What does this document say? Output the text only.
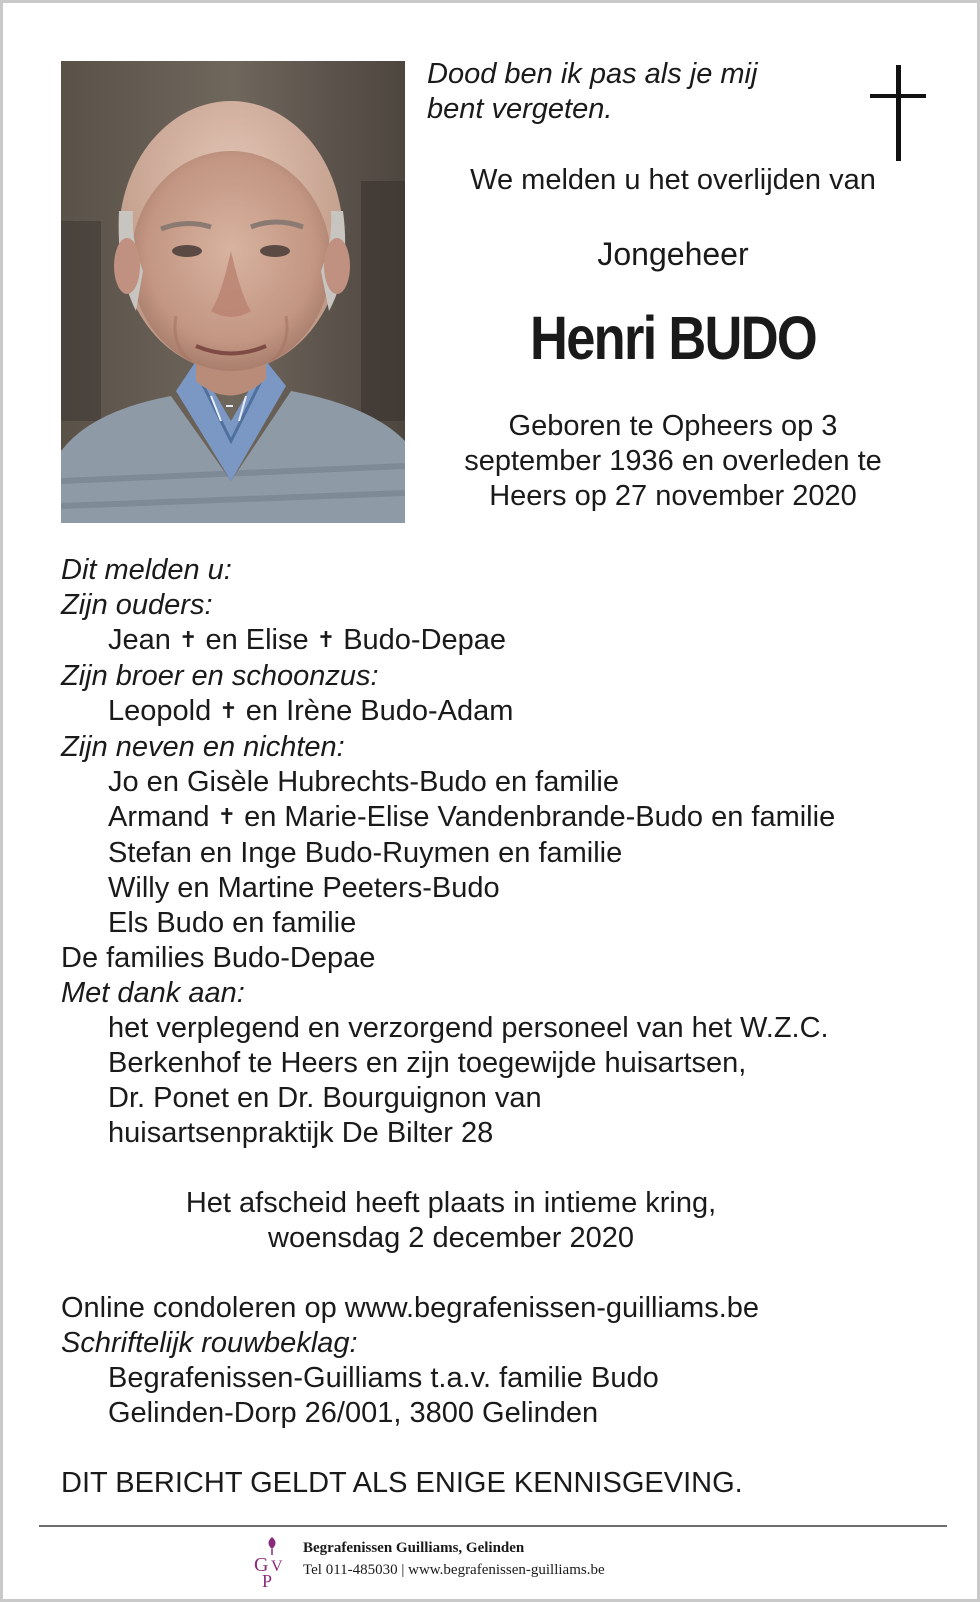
Dood ben ik pas als je mij
bent vergeten.
We melden u het overlijden van
Jongeheer
Henri BUDO
Geboren te Opheers op 3
september 1936 en overleden te
Heers op 27 november 2020
Dit melden u:
Zijn ouders:
Jean ✝ en Elise ✝ Budo-Depae
Zijn broer en schoonzus:
Leopold ✝ en Irène Budo-Adam
Zijn neven en nichten:
Jo en Gisèle Hubrechts-Budo en familie
Armand ✝ en Marie-Elise Vandenbrande-Budo en familie
Stefan en Inge Budo-Ruymen en familie
Willy en Martine Peeters-Budo
Els Budo en familie
De families Budo-Depae
Met dank aan:
het verplegend en verzorgend personeel van het W.Z.C.
Berkenhof te Heers en zijn toegewijde huisartsen,
Dr. Ponet en Dr. Bourguignon van
huisartsenpraktijk De Bilter 28
Het afscheid heeft plaats in intieme kring,
woensdag 2 december 2020
Online condoleren op www.begrafenissen-guilliams.be
Schriftelijk rouwbeklag:
Begrafenissen-Guilliams t.a.v. familie Budo
Gelinden-Dorp 26/001, 3800 Gelinden
DIT BERICHT GELDT ALS ENIGE KENNISGEVING.
G V
P
Begrafenissen Guilliams, Gelinden
Tel 011-485030 | www.begrafenissen-guilliams.be
